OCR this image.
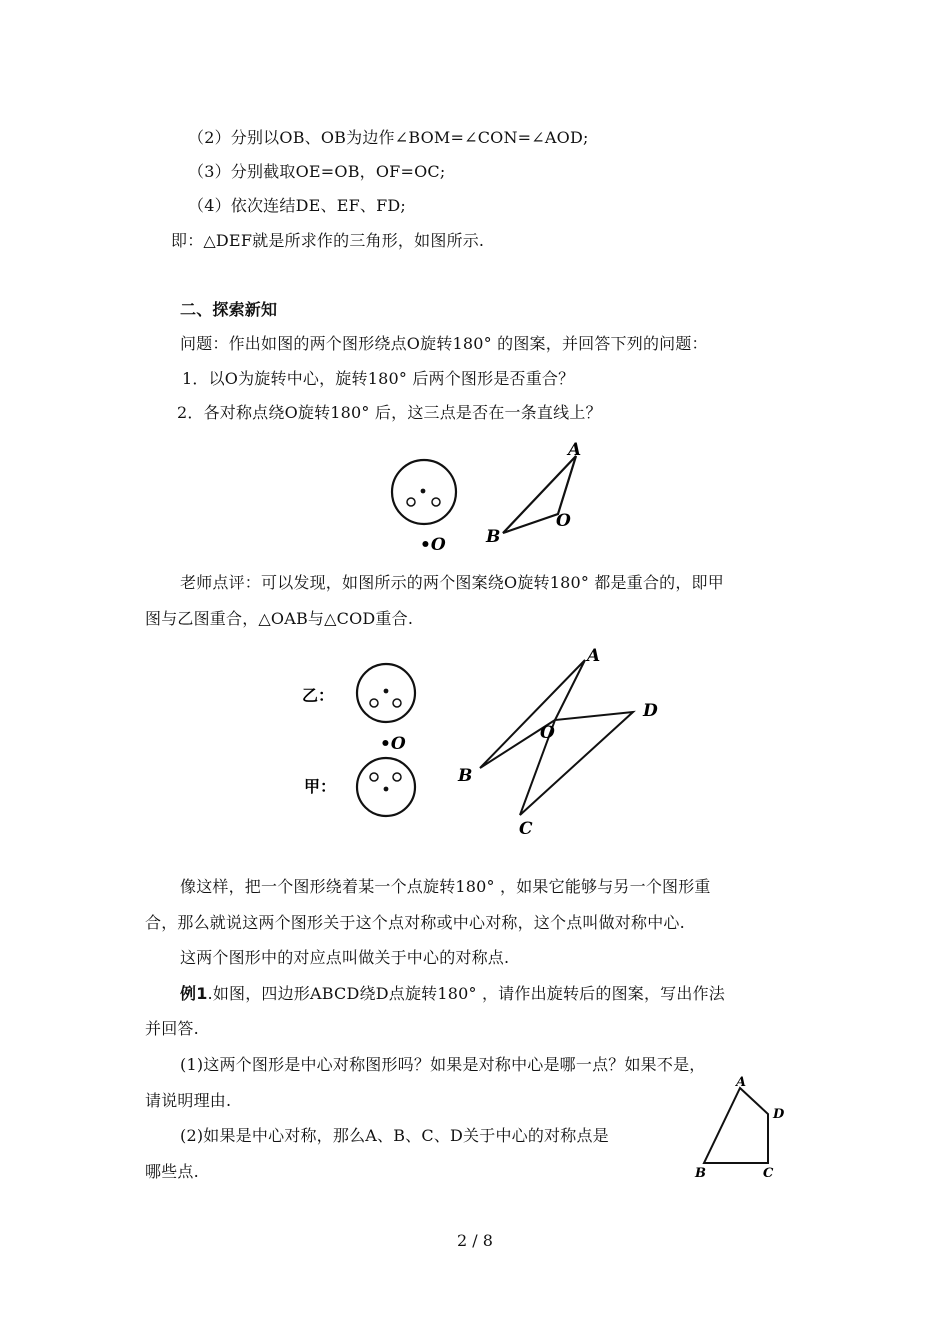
（2）分别以OB、OB为边作∠BOM=∠CON=∠AOD;
（3）分别截取OE=OB，OF=OC;
（4）依次连结DE、EF、FD;
即：△DEF就是所求作的三角形，如图所示.
二、探索新知
问题：作出如图的两个图形绕点O旋转180° 的图案，并回答下列的问题：
1．以O为旋转中心，旋转180° 后两个图形是否重合？
2．各对称点绕O旋转180° 后，这三点是否在一条直线上？
•O
A
B
O
老师点评：可以发现，如图所示的两个图案绕O旋转180° 都是重合的，即甲
图与乙图重合，△OAB与△COD重合.
乙：
•O
甲：
A
D
O
B
C
像这样，把一个图形绕着某一个点旋转180° ，如果它能够与另一个图形重
合，那么就说这两个图形关于这个点对称或中心对称，这个点叫做对称中心.
这两个图形中的对应点叫做关于中心的对称点.
例1.如图，四边形ABCD绕D点旋转180° ，请作出旋转后的图案，写出作法
并回答.
(1)这两个图形是中心对称图形吗？如果是对称中心是哪一点？如果不是，
请说明理由.
(2)如果是中心对称，那么A、B、C、D关于中心的对称点是
哪些点.
A
D
B	C
2 / 8
